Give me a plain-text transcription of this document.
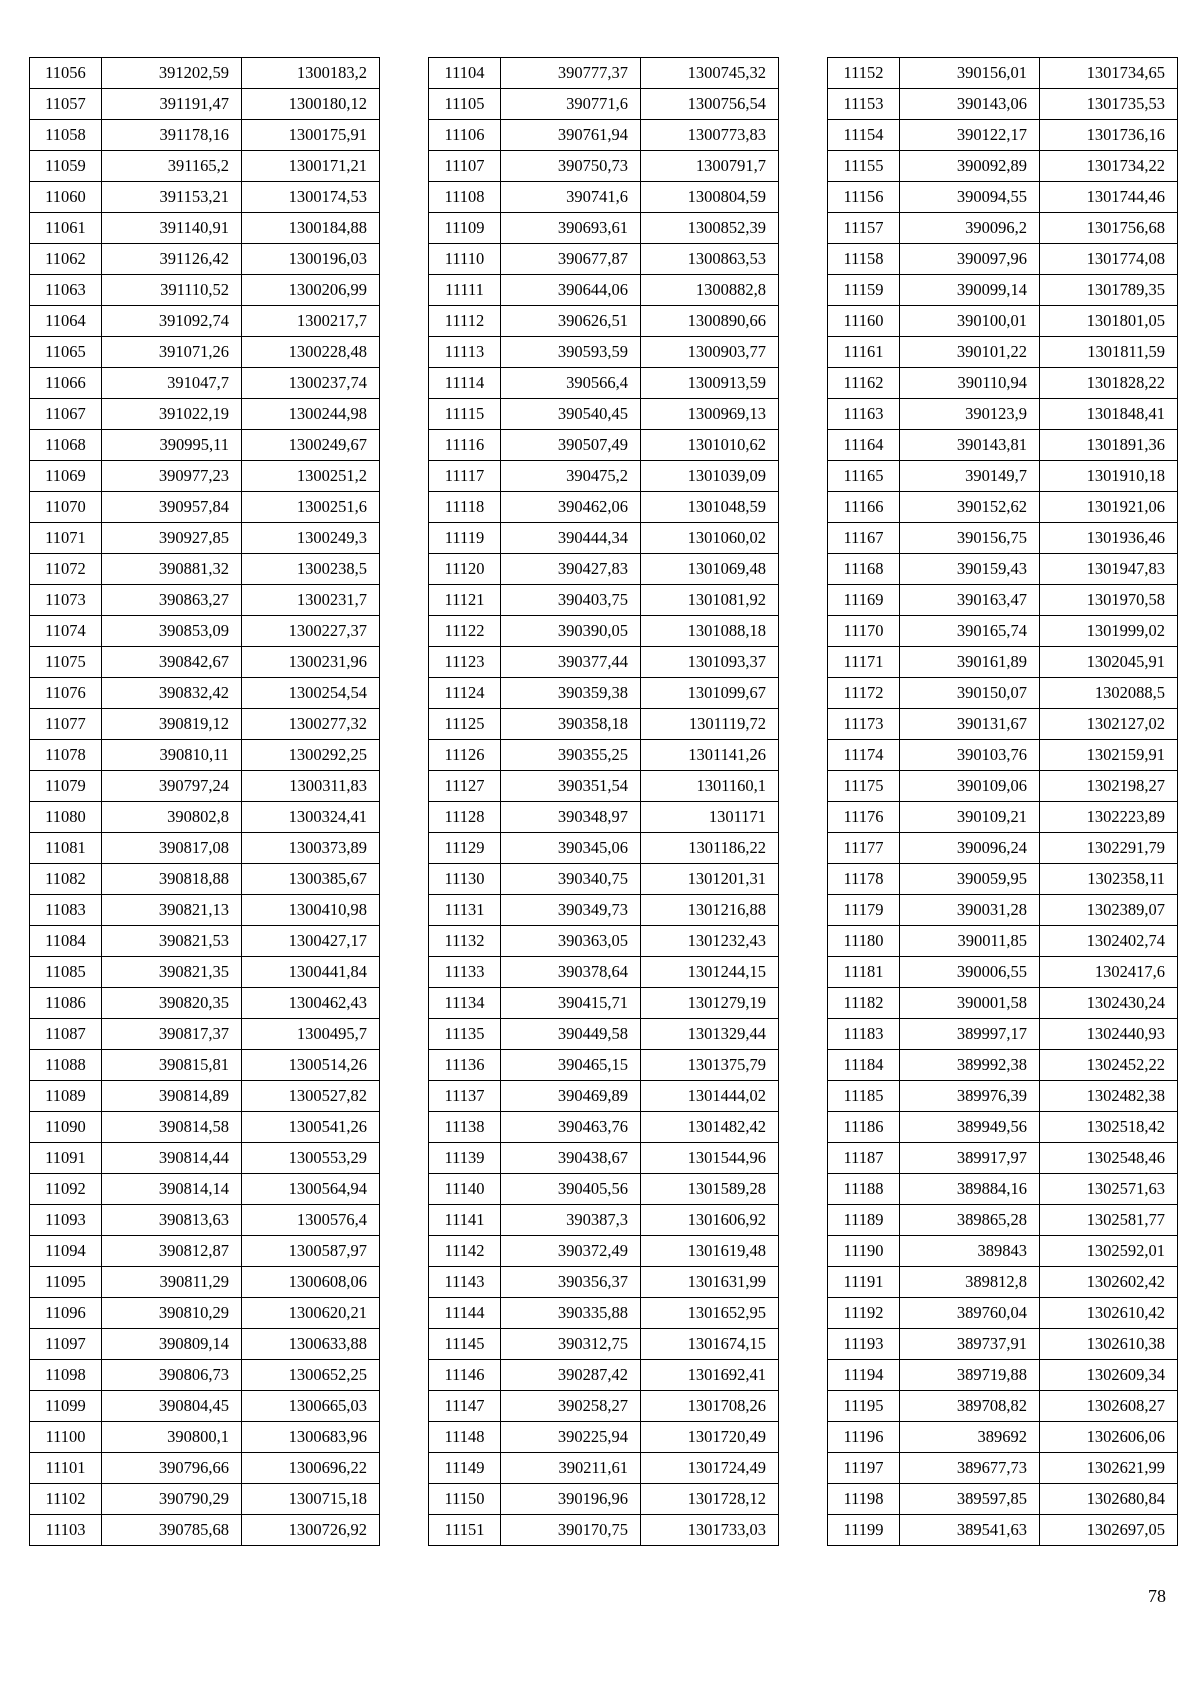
11056	391202,59	1300183,2
11057	391191,47	1300180,12
11058	391178,16	1300175,91
11059	391165,2	1300171,21
11060	391153,21	1300174,53
11061	391140,91	1300184,88
11062	391126,42	1300196,03
11063	391110,52	1300206,99
11064	391092,74	1300217,7
11065	391071,26	1300228,48
11066	391047,7	1300237,74
11067	391022,19	1300244,98
11068	390995,11	1300249,67
11069	390977,23	1300251,2
11070	390957,84	1300251,6
11071	390927,85	1300249,3
11072	390881,32	1300238,5
11073	390863,27	1300231,7
11074	390853,09	1300227,37
11075	390842,67	1300231,96
11076	390832,42	1300254,54
11077	390819,12	1300277,32
11078	390810,11	1300292,25
11079	390797,24	1300311,83
11080	390802,8	1300324,41
11081	390817,08	1300373,89
11082	390818,88	1300385,67
11083	390821,13	1300410,98
11084	390821,53	1300427,17
11085	390821,35	1300441,84
11086	390820,35	1300462,43
11087	390817,37	1300495,7
11088	390815,81	1300514,26
11089	390814,89	1300527,82
11090	390814,58	1300541,26
11091	390814,44	1300553,29
11092	390814,14	1300564,94
11093	390813,63	1300576,4
11094	390812,87	1300587,97
11095	390811,29	1300608,06
11096	390810,29	1300620,21
11097	390809,14	1300633,88
11098	390806,73	1300652,25
11099	390804,45	1300665,03
11100	390800,1	1300683,96
11101	390796,66	1300696,22
11102	390790,29	1300715,18
11103	390785,68	1300726,92
11104	390777,37	1300745,32
11105	390771,6	1300756,54
11106	390761,94	1300773,83
11107	390750,73	1300791,7
11108	390741,6	1300804,59
11109	390693,61	1300852,39
11110	390677,87	1300863,53
11111	390644,06	1300882,8
11112	390626,51	1300890,66
11113	390593,59	1300903,77
11114	390566,4	1300913,59
11115	390540,45	1300969,13
11116	390507,49	1301010,62
11117	390475,2	1301039,09
11118	390462,06	1301048,59
11119	390444,34	1301060,02
11120	390427,83	1301069,48
11121	390403,75	1301081,92
11122	390390,05	1301088,18
11123	390377,44	1301093,37
11124	390359,38	1301099,67
11125	390358,18	1301119,72
11126	390355,25	1301141,26
11127	390351,54	1301160,1
11128	390348,97	1301171
11129	390345,06	1301186,22
11130	390340,75	1301201,31
11131	390349,73	1301216,88
11132	390363,05	1301232,43
11133	390378,64	1301244,15
11134	390415,71	1301279,19
11135	390449,58	1301329,44
11136	390465,15	1301375,79
11137	390469,89	1301444,02
11138	390463,76	1301482,42
11139	390438,67	1301544,96
11140	390405,56	1301589,28
11141	390387,3	1301606,92
11142	390372,49	1301619,48
11143	390356,37	1301631,99
11144	390335,88	1301652,95
11145	390312,75	1301674,15
11146	390287,42	1301692,41
11147	390258,27	1301708,26
11148	390225,94	1301720,49
11149	390211,61	1301724,49
11150	390196,96	1301728,12
11151	390170,75	1301733,03
11152	390156,01	1301734,65
11153	390143,06	1301735,53
11154	390122,17	1301736,16
11155	390092,89	1301734,22
11156	390094,55	1301744,46
11157	390096,2	1301756,68
11158	390097,96	1301774,08
11159	390099,14	1301789,35
11160	390100,01	1301801,05
11161	390101,22	1301811,59
11162	390110,94	1301828,22
11163	390123,9	1301848,41
11164	390143,81	1301891,36
11165	390149,7	1301910,18
11166	390152,62	1301921,06
11167	390156,75	1301936,46
11168	390159,43	1301947,83
11169	390163,47	1301970,58
11170	390165,74	1301999,02
11171	390161,89	1302045,91
11172	390150,07	1302088,5
11173	390131,67	1302127,02
11174	390103,76	1302159,91
11175	390109,06	1302198,27
11176	390109,21	1302223,89
11177	390096,24	1302291,79
11178	390059,95	1302358,11
11179	390031,28	1302389,07
11180	390011,85	1302402,74
11181	390006,55	1302417,6
11182	390001,58	1302430,24
11183	389997,17	1302440,93
11184	389992,38	1302452,22
11185	389976,39	1302482,38
11186	389949,56	1302518,42
11187	389917,97	1302548,46
11188	389884,16	1302571,63
11189	389865,28	1302581,77
11190	389843	1302592,01
11191	389812,8	1302602,42
11192	389760,04	1302610,42
11193	389737,91	1302610,38
11194	389719,88	1302609,34
11195	389708,82	1302608,27
11196	389692	1302606,06
11197	389677,73	1302621,99
11198	389597,85	1302680,84
11199	389541,63	1302697,05
78
